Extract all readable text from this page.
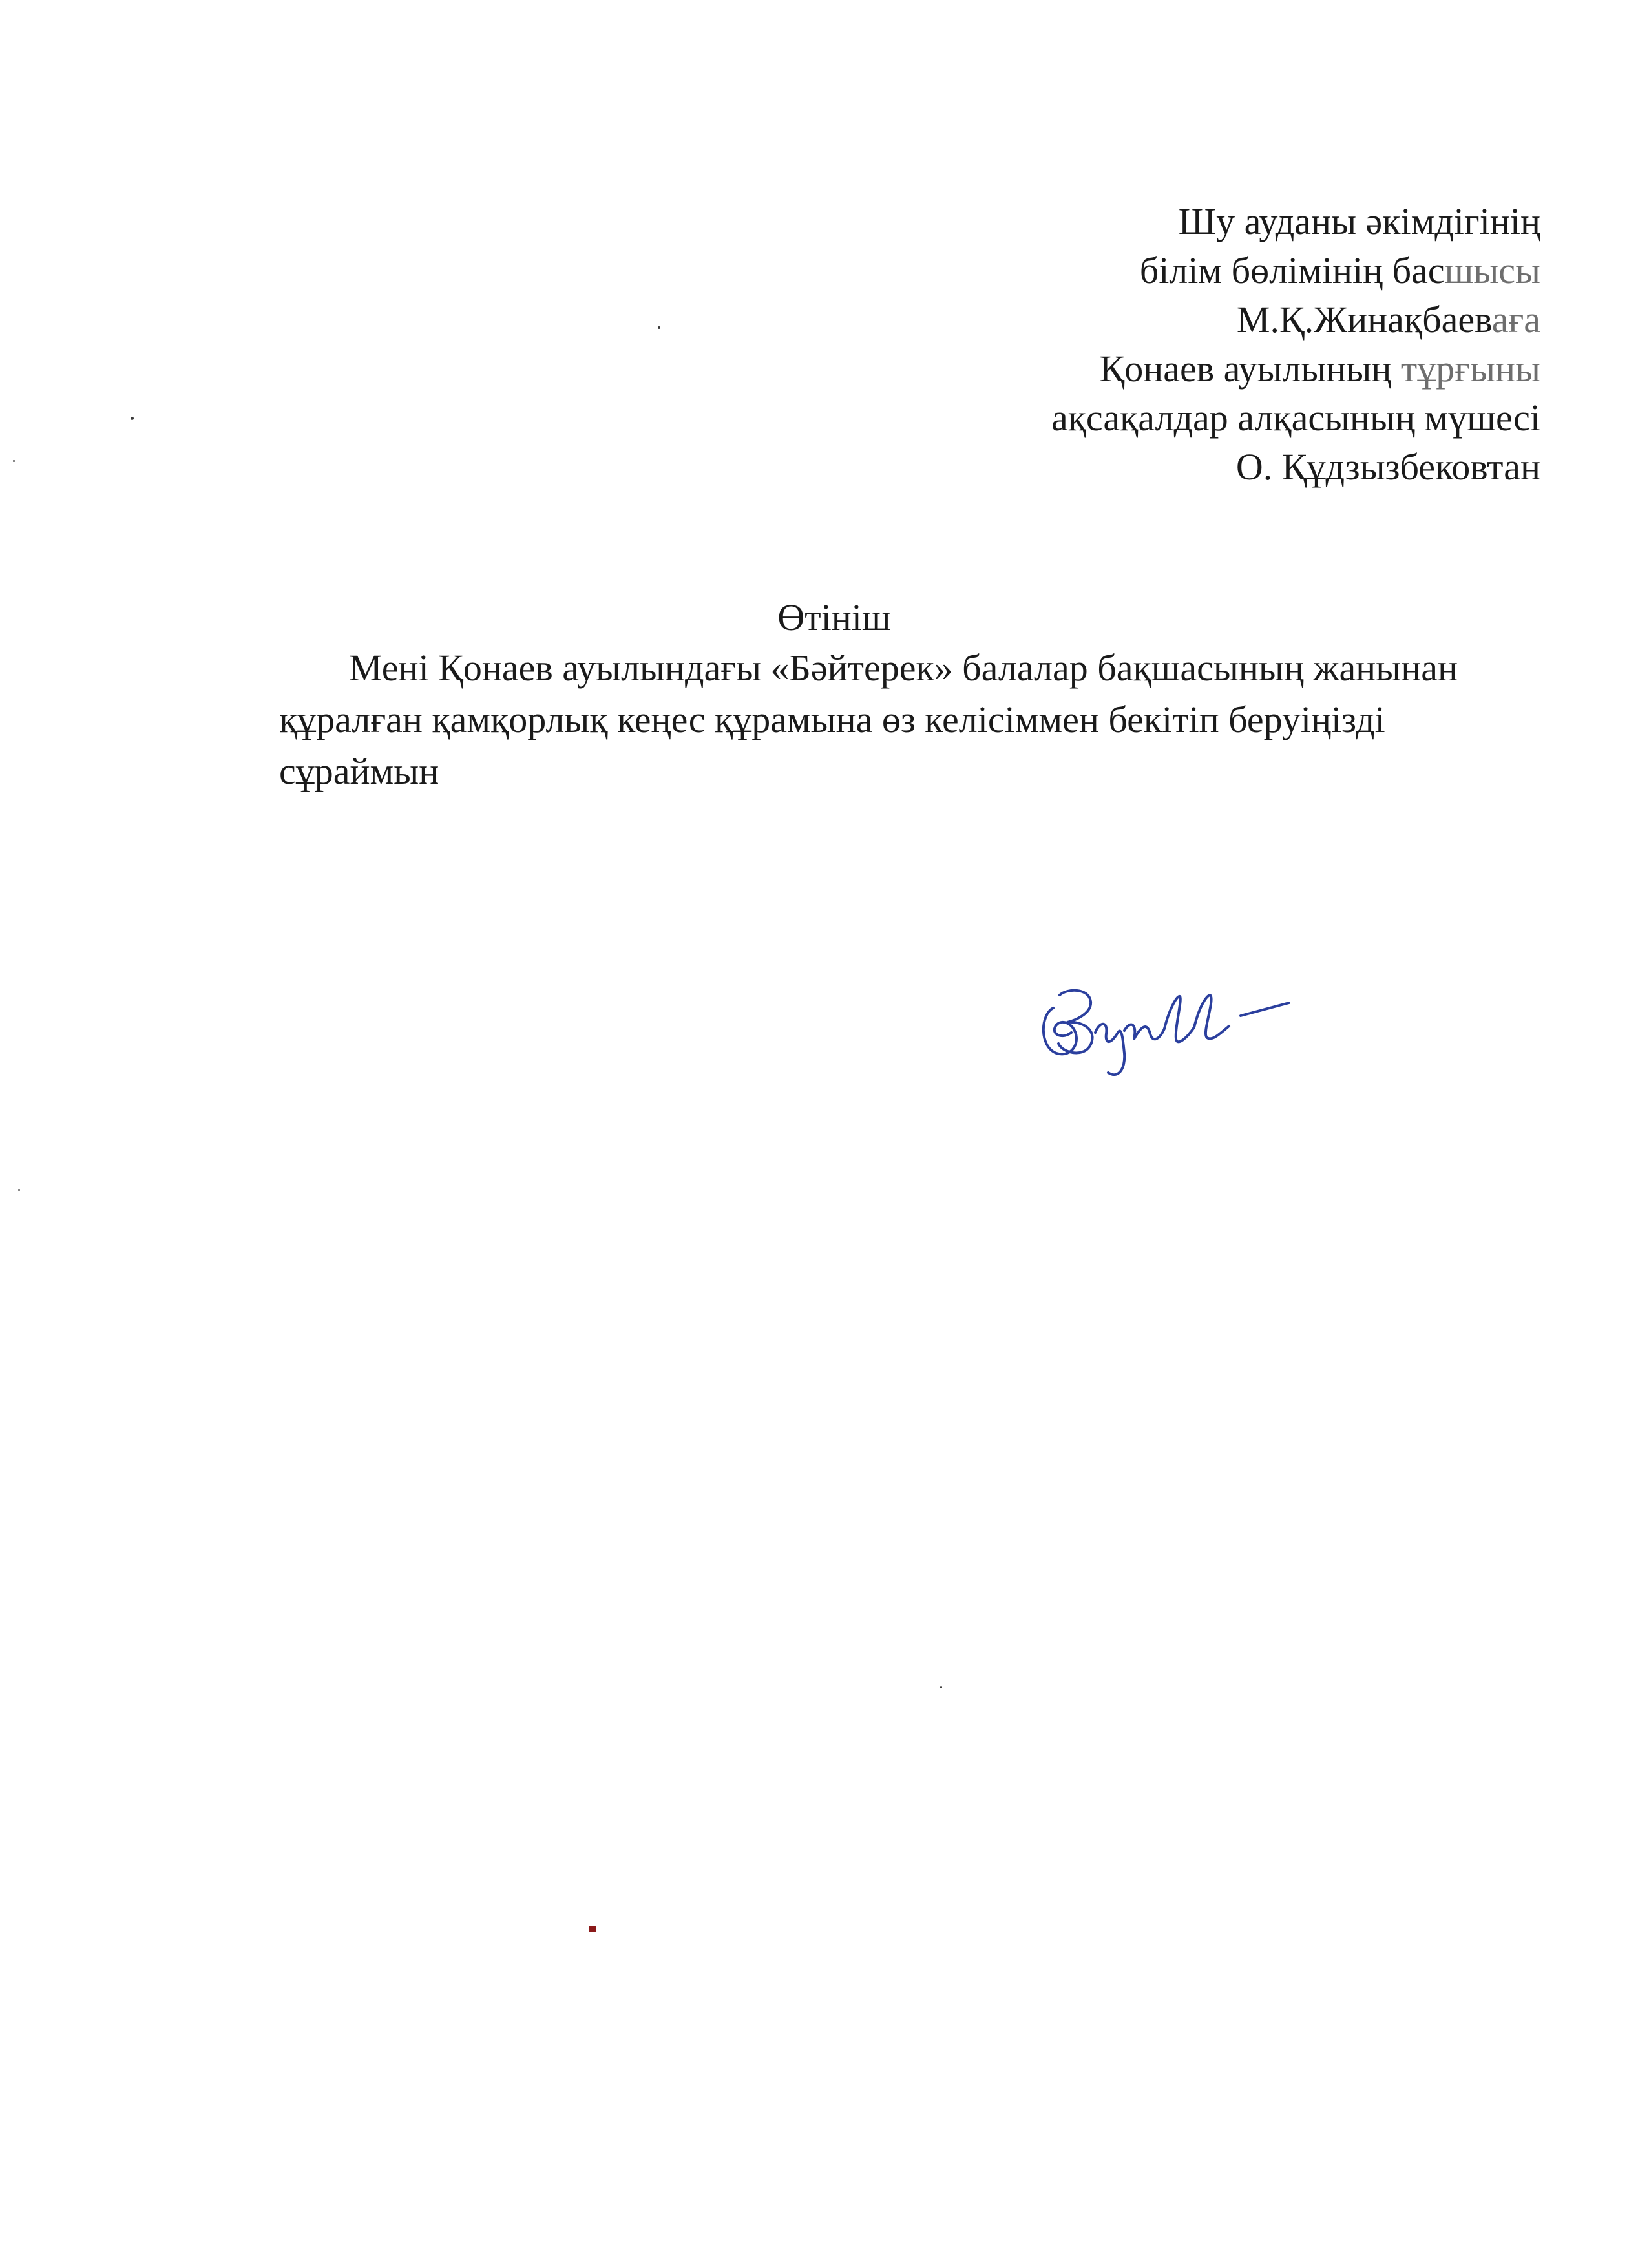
Шу ауданы әкімдігінің
білім бөлімінің басшысы
М.Қ.Жинақбаеваға
Қонаев ауылының тұрғыны
ақсақалдар алқасының мүшесі
О. Құдзызбековтан
Өтініш
Мені Қонаев ауылындағы «Бәйтерек» балалар бақшасының жанынан
құралған қамқорлық кеңес құрамына өз келісіммен бекітіп беруіңізді
сұраймын
